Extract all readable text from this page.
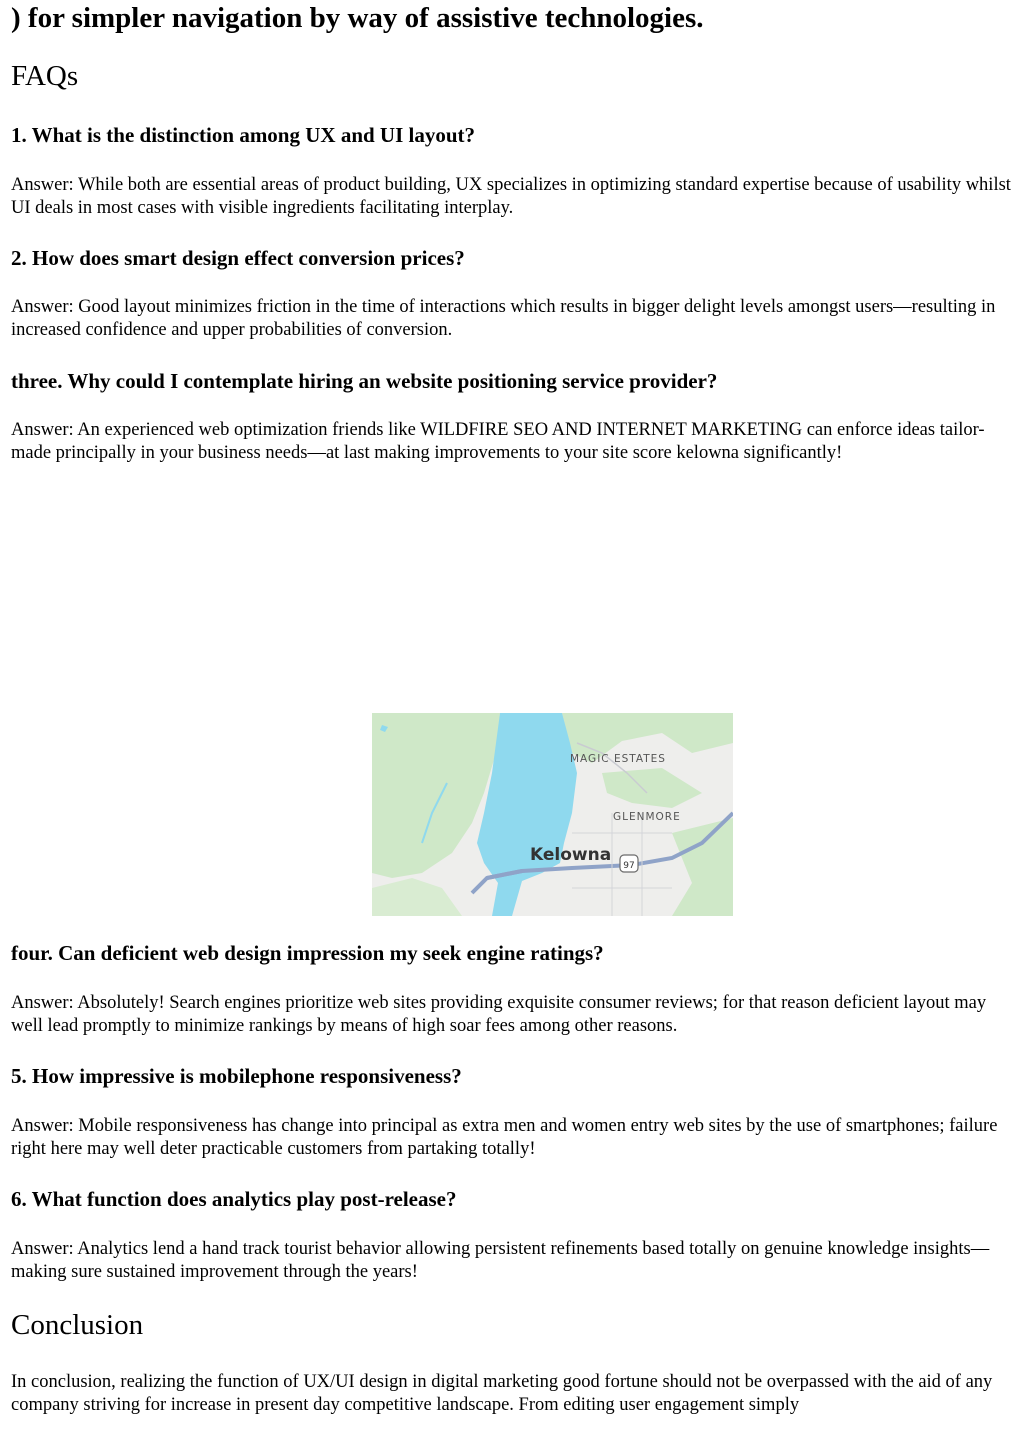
) for simpler navigation by way of assistive technologies.
FAQs
1. What is the distinction among UX and UI layout?

Answer: While both are essential areas of product building, UX specializes in optimizing standard expertise because of usability whilst UI deals in most cases with visible ingredients facilitating interplay.

2. How does smart design effect conversion prices?

Answer: Good layout minimizes friction in the time of interactions which results in bigger delight levels amongst users—resulting in increased confidence and upper probabilities of conversion.

three. Why could I contemplate hiring an website positioning service provider?

Answer: An experienced web optimization friends like WILDFIRE SEO AND INTERNET MARKETING can enforce ideas tailor-made principally in your business needs—at last making improvements to your site score kelowna significantly!

four. Can deficient web design impression my seek engine ratings?

Answer: Absolutely! Search engines prioritize web sites providing exquisite consumer reviews; for that reason deficient layout may well lead promptly to minimize rankings by means of high soar fees among other reasons.

5. How impressive is mobilephone responsiveness?

Answer: Mobile responsiveness has change into principal as extra men and women entry web sites by the use of smartphones; failure right here may well deter practicable customers from partaking totally!

6. What function does analytics play post-release?

Answer: Analytics lend a hand track tourist behavior allowing persistent refinements based totally on genuine knowledge insights—making sure sustained improvement through the years!

Conclusion

In conclusion, realizing the function of UX/UI design in digital marketing good fortune should not be overpassed with the aid of any company striving for increase in present day competitive landscape. From editing user engagement simply

97
MAGIC ESTATES
GLENMORE
Kelowna
